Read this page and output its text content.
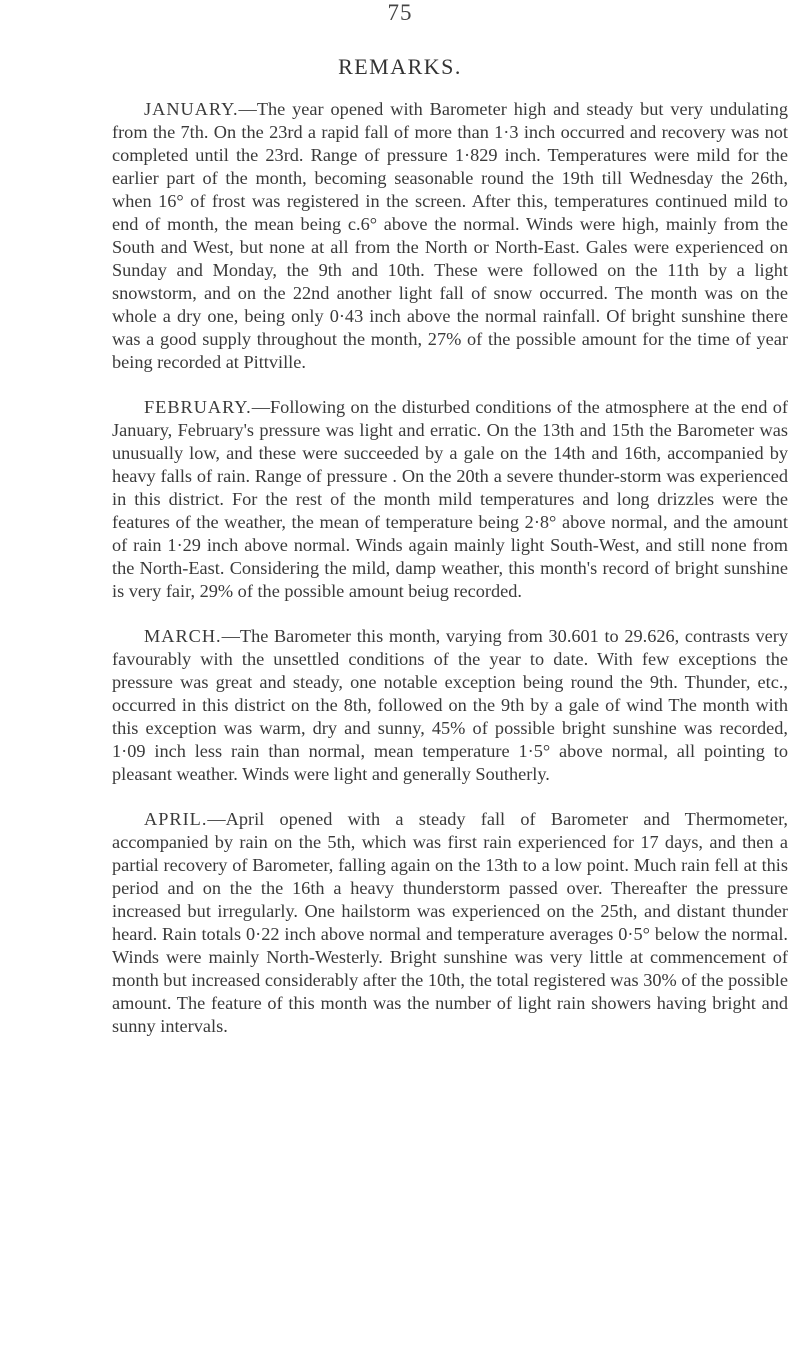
75
REMARKS.

JANUARY.—The year opened with Barometer high and steady but very undulating from the 7th. On the 23rd a rapid fall of more than 1·3 inch occurred and recovery was not completed until the 23rd. Range of pressure 1·829 inch. Temperatures were mild for the earlier part of the month, becoming seasonable round the 19th till Wednesday the 26th, when 16° of frost was registered in the screen. After this, temperatures continued mild to end of month, the mean being c.6° above the normal. Winds were high, mainly from the South and West, but none at all from the North or North-East. Gales were experienced on Sunday and Monday, the 9th and 10th. These were followed on the 11th by a light snowstorm, and on the 22nd another light fall of snow occurred. The month was on the whole a dry one, being only 0·43 inch above the normal rainfall. Of bright sunshine there was a good supply throughout the month, 27% of the possible amount for the time of year being recorded at Pittville.

FEBRUARY.—Following on the disturbed conditions of the atmosphere at the end of January, February's pressure was light and erratic. On the 13th and 15th the Barometer was unusually low, and these were succeeded by a gale on the 14th and 16th, accompanied by heavy falls of rain. Range of pressure . On the 20th a severe thunder-storm was experienced in this district. For the rest of the month mild temperatures and long drizzles were the features of the weather, the mean of temperature being 2·8° above normal, and the amount of rain 1·29 inch above normal. Winds again mainly light South-West, and still none from the North-East. Considering the mild, damp weather, this month's record of bright sunshine is very fair, 29% of the possible amount beiug recorded.

MARCH.—The Barometer this month, varying from 30.601 to 29.626, contrasts very favourably with the unsettled conditions of the year to date. With few exceptions the pressure was great and steady, one notable exception being round the 9th. Thunder, etc., occurred in this district on the 8th, followed on the 9th by a gale of wind The month with this exception was warm, dry and sunny, 45% of possible bright sunshine was recorded, 1·09 inch less rain than normal, mean temperature 1·5° above normal, all pointing to pleasant weather. Winds were light and generally Southerly.

APRIL.—April opened with a steady fall of Barometer and Thermometer, accompanied by rain on the 5th, which was first rain experienced for 17 days, and then a partial recovery of Barometer, falling again on the 13th to a low point. Much rain fell at this period and on the the 16th a heavy thunderstorm passed over. Thereafter the pressure increased but irregularly. One hailstorm was experienced on the 25th, and distant thunder heard. Rain totals 0·22 inch above normal and temperature averages 0·5° below the normal. Winds were mainly North-Westerly. Bright sunshine was very little at commencement of month but increased considerably after the 10th, the total registered was 30% of the possible amount. The feature of this month was the number of light rain showers having bright and sunny intervals.
